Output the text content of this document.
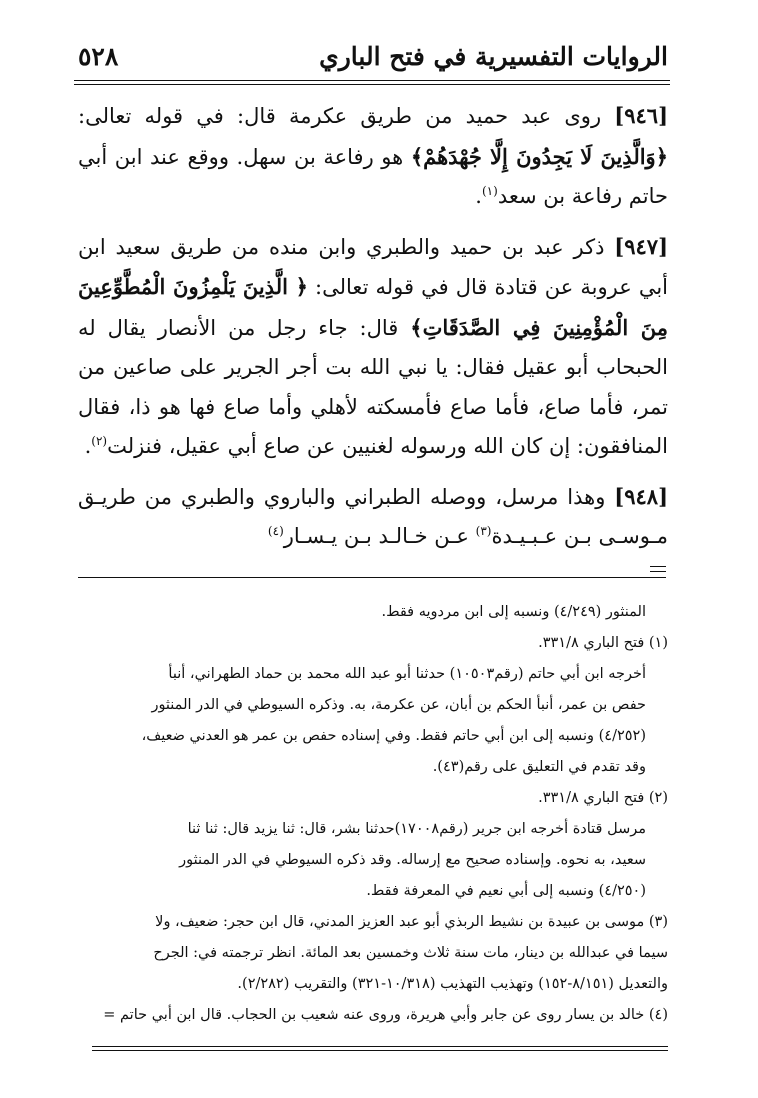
الروايات التفسيرية في فتح الباري
٥٢٨

[٩٤٦] روى عبد حميد من طريق عكرمة قال: في قوله تعالى: ﴿وَالَّذِينَ لَا يَجِدُونَ إِلَّا جُهْدَهُمْ﴾ هو رفاعة بن سهل. ووقع عند ابن أبي حاتم رفاعة بن سعد$^{(١)}$.

[٩٤٧] ذكر عبد بن حميد والطبري وابن منده من طريق سعيد ابن أبي عروبة عن قتادة قال في قوله تعالى: ﴿ الَّذِينَ يَلْمِزُونَ الْمُطَّوِّعِينَ مِنَ الْمُؤْمِنِينَ فِي الصَّدَقَاتِ﴾ قال: جاء رجل من الأنصار يقال له الحبحاب أبو عقيل فقال: يا نبي الله بت أجر الجرير على صاعين من تمر، فأما صاع، فأما صاع فأمسكته لأهلي وأما صاع فها هو ذا، فقال المنافقون: إن كان الله ورسوله لغنيين عن صاع أبي عقيل، فنزلت$^{(٢)}$.

[٩٤٨] وهذا مرسل، ووصله الطبراني والباروي والطبري من طريـق مـوسـى بـن عـبـيـدة$^{(٣)}$ عـن خـالـد بـن يـسـار$^{(٤)}$

المنثور (٤/٢٤٩) ونسبه إلى ابن مردويه فقط.

(١) فتح الباري ٣٣١/٨.

أخرجه ابن أبي حاتم (رقم١٠٥٠٣) حدثنا أبو عبد الله محمد بن حماد الطهراني، أنبأ

حفص بن عمر، أنبأ الحكم بن أبان، عن عكرمة، به. وذكره السيوطي في الدر المنثور

(٤/٢٥٢) ونسبه إلى ابن أبي حاتم فقط. وفي إسناده حفص بن عمر هو العدني ضعيف،

وقد تقدم في التعليق على رقم(٤٣).

(٢) فتح الباري ٣٣١/٨.

مرسل قتادة أخرجه ابن جرير (رقم١٧٠٠٨)حدثنا بشر، قال: ثنا يزيد قال: ثنا ثنا

سعيد، به نحوه. وإسناده صحيح مع إرساله. وقد ذكره السيوطي في الدر المنثور

(٤/٢٥٠) ونسبه إلى أبي نعيم في المعرفة فقط.

(٣) موسى بن عبيدة بن نشيط الربذي أبو عبد العزيز المدني، قال ابن حجر: ضعيف، ولا

سيما في عبدالله بن دينار، مات سنة ثلاث وخمسين بعد المائة. انظر ترجمته في: الجرح

والتعديل (٨/١٥١-١٥٢) وتهذيب التهذيب (١٠/٣١٨-٣٢١) والتقريب (٢/٢٨٢).

(٤) خالد بن يسار روى عن جابر وأبي هريرة، وروى عنه شعيب بن الحجاب. قال ابن أبي حاتم =
